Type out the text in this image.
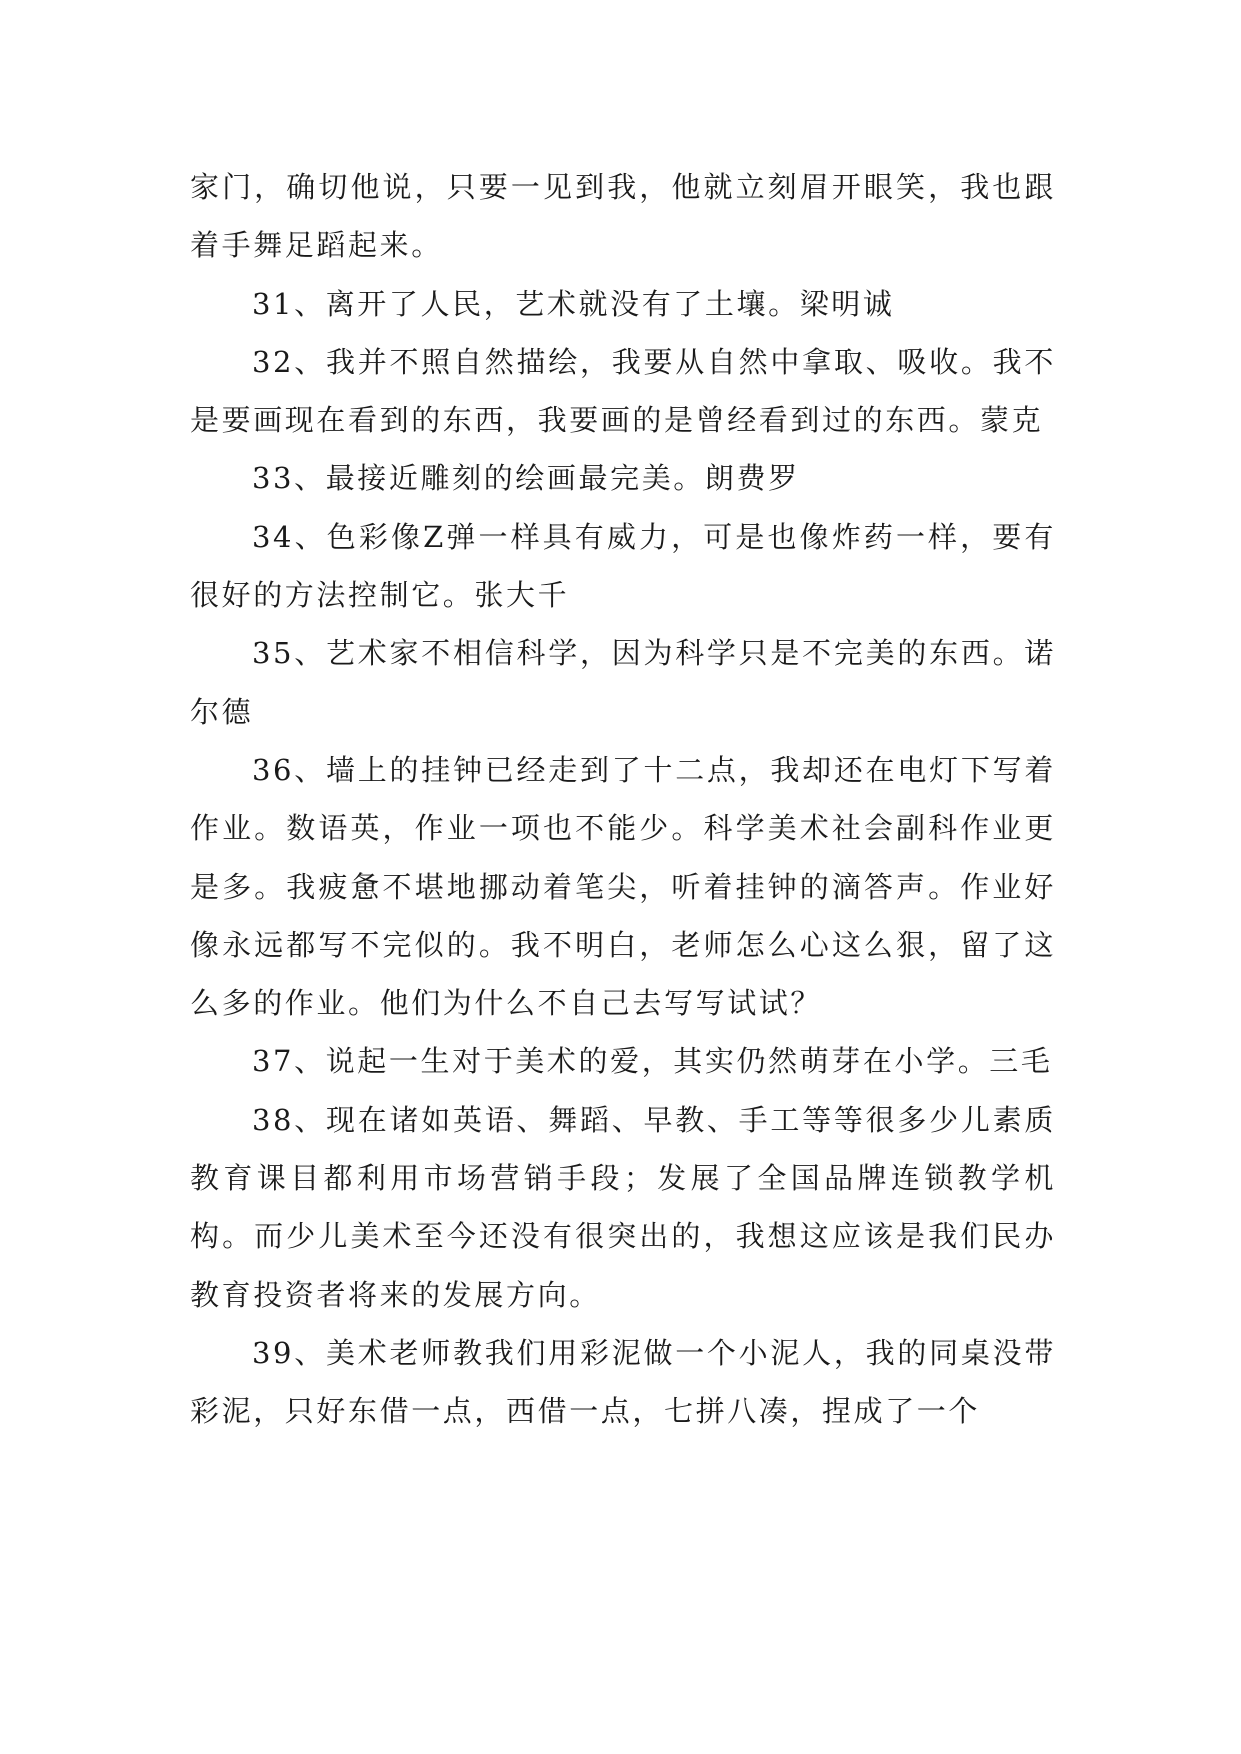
家门，确切他说，只要一见到我，他就立刻眉开眼笑，我也跟着手舞足蹈起来。

31、离开了人民，艺术就没有了土壤。梁明诚

32、我并不照自然描绘，我要从自然中拿取、吸收。我不是要画现在看到的东西，我要画的是曾经看到过的东西。蒙克

33、最接近雕刻的绘画最完美。朗费罗

34、色彩像Z弹一样具有威力，可是也像炸药一样，要有很好的方法控制它。张大千

35、艺术家不相信科学，因为科学只是不完美的东西。诺尔德

36、墙上的挂钟已经走到了十二点，我却还在电灯下写着作业。数语英，作业一项也不能少。科学美术社会副科作业更是多。我疲惫不堪地挪动着笔尖，听着挂钟的滴答声。作业好像永远都写不完似的。我不明白，老师怎么心这么狠，留了这么多的作业。他们为什么不自己去写写试试？

37、说起一生对于美术的爱，其实仍然萌芽在小学。三毛

38、现在诸如英语、舞蹈、早教、手工等等很多少儿素质教育课目都利用市场营销手段；发展了全国品牌连锁教学机构。而少儿美术至今还没有很突出的，我想这应该是我们民办教育投资者将来的发展方向。

39、美术老师教我们用彩泥做一个小泥人，我的同桌没带彩泥，只好东借一点，西借一点，七拼八凑，捏成了一个
